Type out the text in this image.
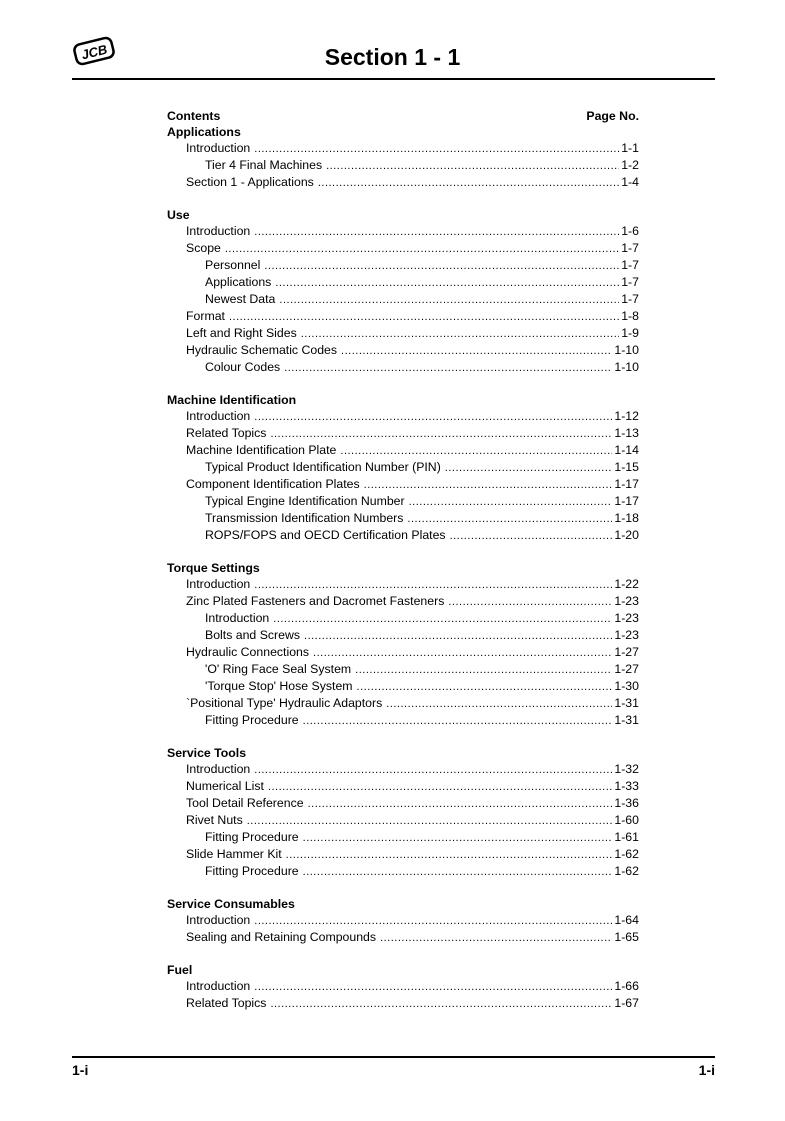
JCB	Section 1 - 1
Contents	Page No.
Applications
Introduction .....	1-1
Tier 4 Final Machines .....	1-2
Section 1 - Applications .....	1-4
Use
Introduction .....	1-6
Scope .....	1-7
Personnel .....	1-7
Applications .....	1-7
Newest Data .....	1-7
Format .....	1-8
Left and Right Sides .....	1-9
Hydraulic Schematic Codes .....	1-10
Colour Codes .....	1-10
Machine Identification
Introduction .....	1-12
Related Topics .....	1-13
Machine Identification Plate .....	1-14
Typical Product Identification Number (PIN) .....	1-15
Component Identification Plates .....	1-17
Typical Engine Identification Number .....	1-17
Transmission Identification Numbers .....	1-18
ROPS/FOPS and OECD Certification Plates .....	1-20
Torque Settings
Introduction .....	1-22
Zinc Plated Fasteners and Dacromet Fasteners .....	1-23
Introduction .....	1-23
Bolts and Screws .....	1-23
Hydraulic Connections .....	1-27
'O' Ring Face Seal System .....	1-27
'Torque Stop' Hose System .....	1-30
`Positional Type' Hydraulic Adaptors .....	1-31
Fitting Procedure .....	1-31
Service Tools
Introduction .....	1-32
Numerical List .....	1-33
Tool Detail Reference .....	1-36
Rivet Nuts .....	1-60
Fitting Procedure .....	1-61
Slide Hammer Kit .....	1-62
Fitting Procedure .....	1-62
Service Consumables
Introduction .....	1-64
Sealing and Retaining Compounds .....	1-65
Fuel
Introduction .....	1-66
Related Topics .....	1-67
1-i	1-i
